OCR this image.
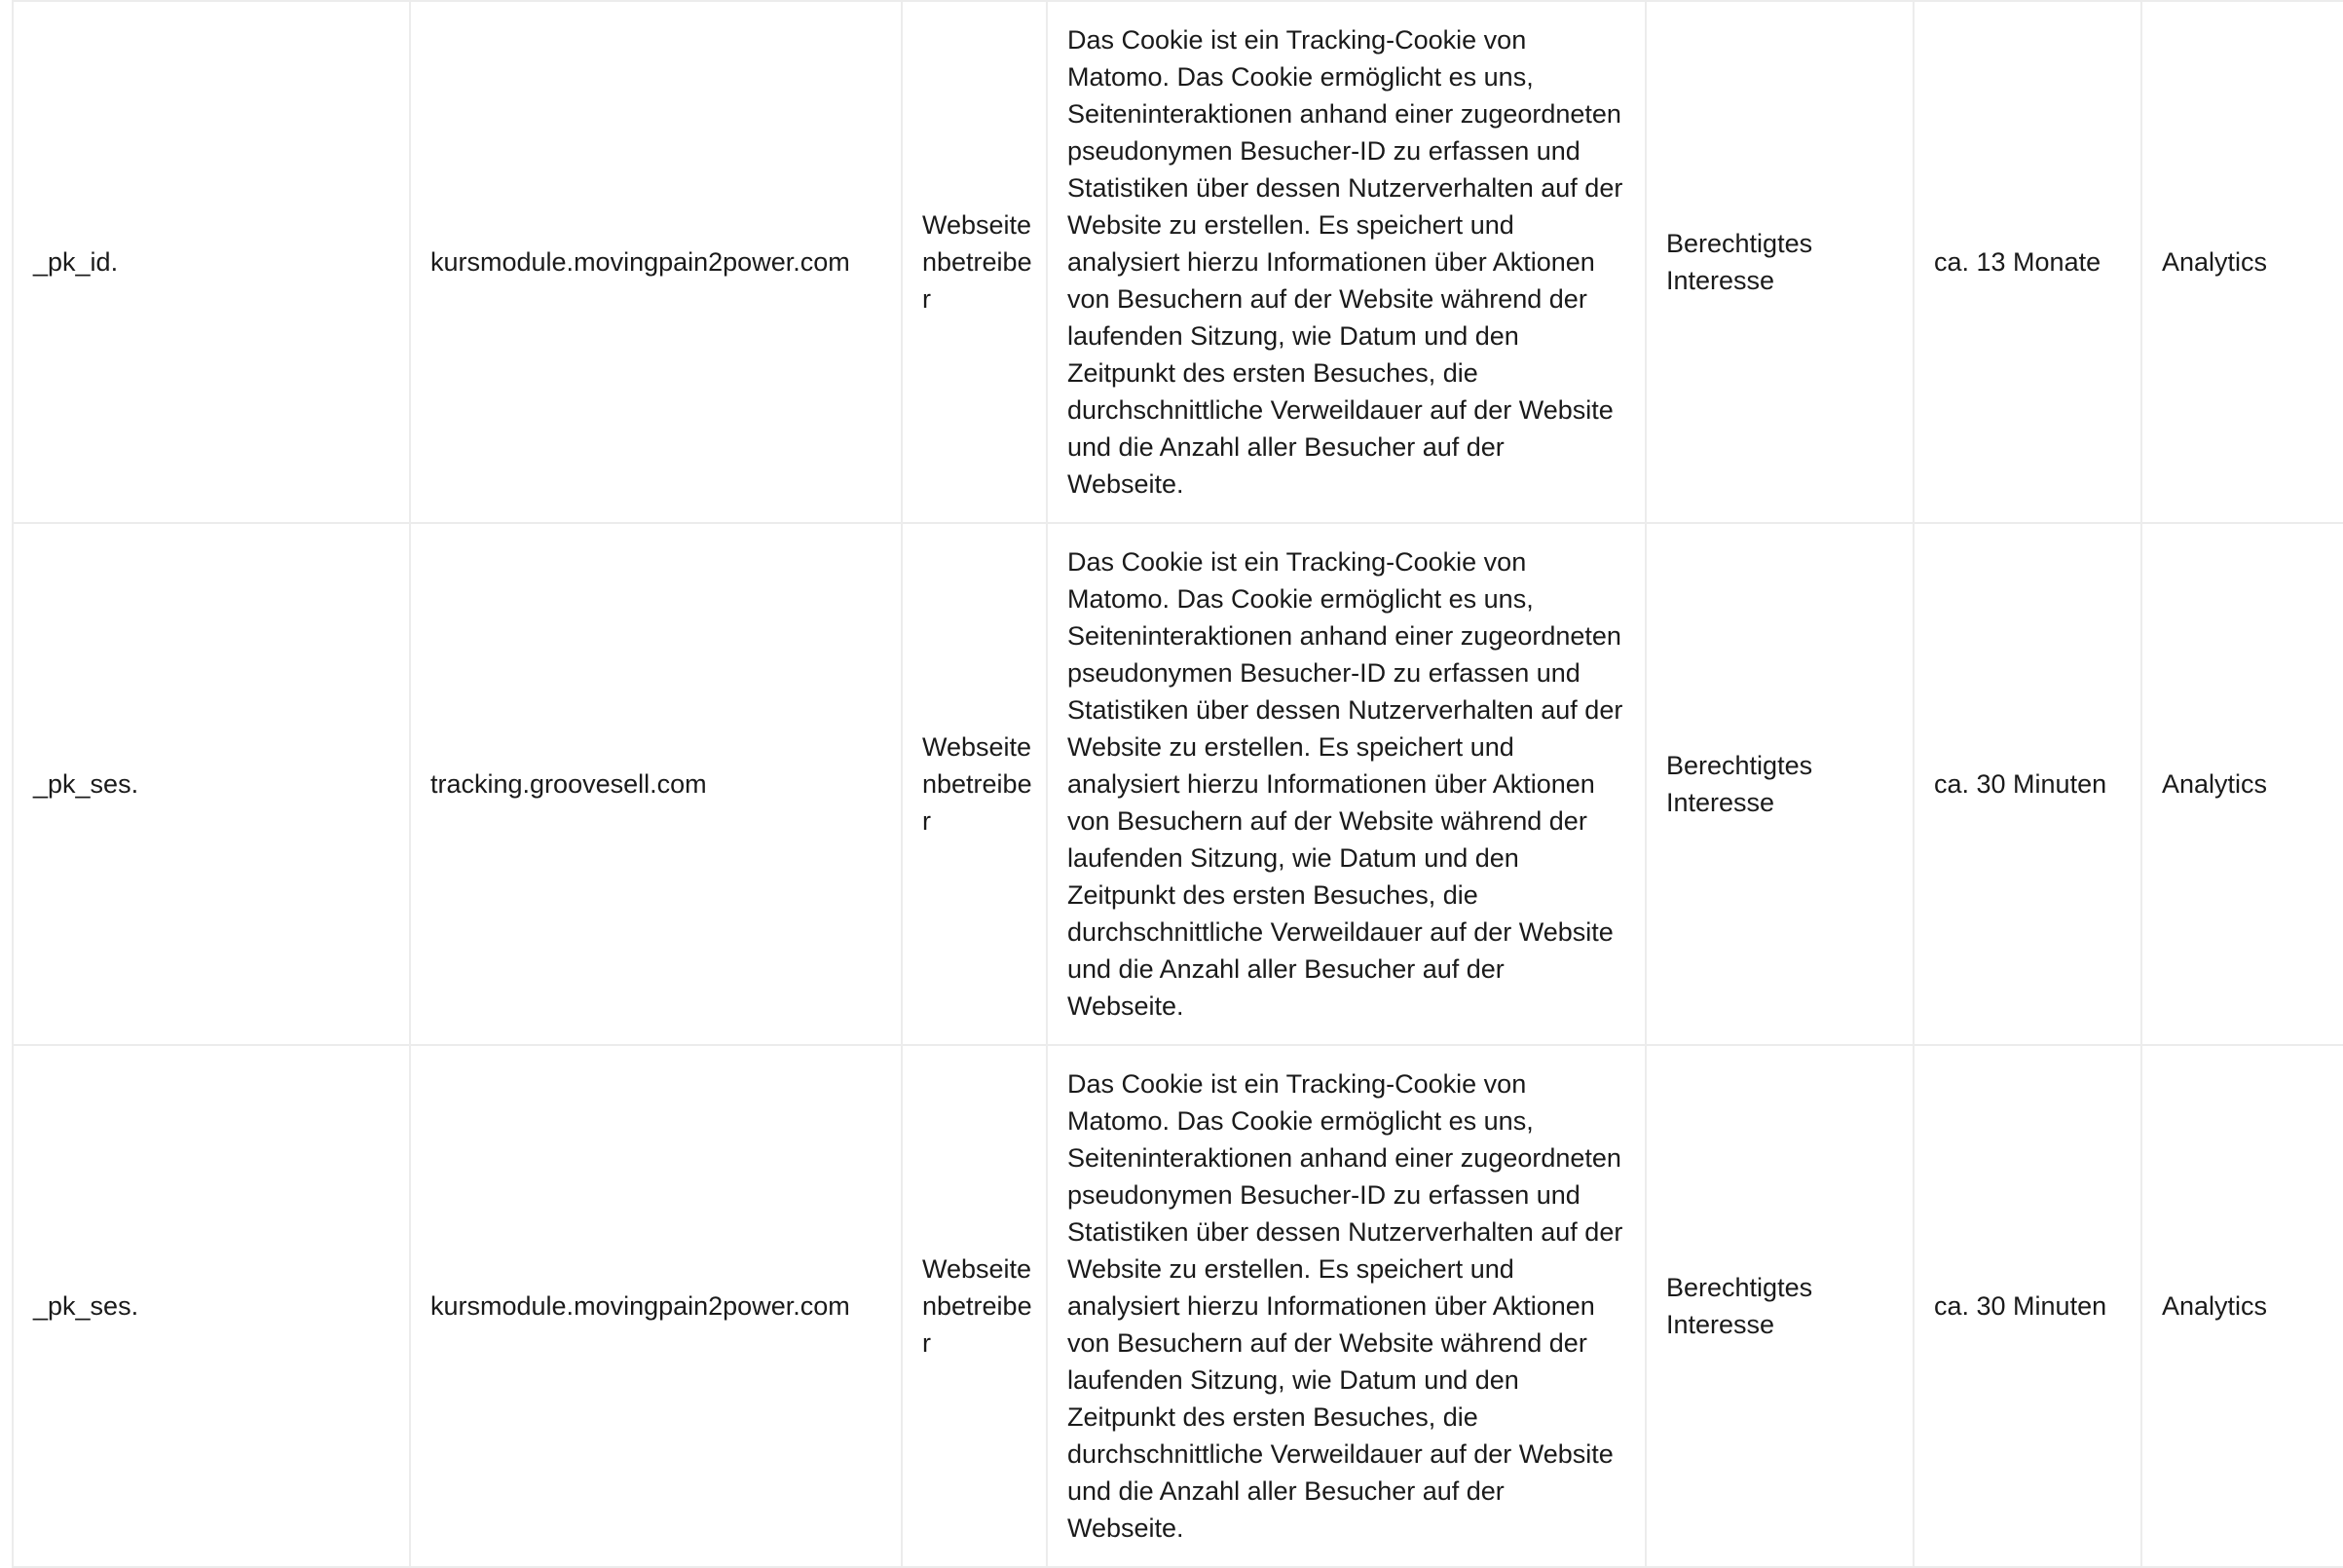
_pk_id.	kursmodule.movingpain2power.com	Webseitenbetreiber	Das Cookie ist ein Tracking-Cookie von Matomo. Das Cookie ermöglicht es uns, Seiteninteraktionen anhand einer zugeordneten pseudonymen Besucher-ID zu erfassen und Statistiken über dessen Nutzerverhalten auf der Website zu erstellen. Es speichert und analysiert hierzu Informationen über Aktionen von Besuchern auf der Website während der laufenden Sitzung, wie Datum und den Zeitpunkt des ersten Besuches, die durchschnittliche Verweildauer auf der Website und die Anzahl aller Besucher auf der Webseite.	Berechtigtes Interesse	ca. 13 Monate	Analytics
_pk_ses.	tracking.groovesell.com	Webseitenbetreiber	Das Cookie ist ein Tracking-Cookie von Matomo. Das Cookie ermöglicht es uns, Seiteninteraktionen anhand einer zugeordneten pseudonymen Besucher-ID zu erfassen und Statistiken über dessen Nutzerverhalten auf der Website zu erstellen. Es speichert und analysiert hierzu Informationen über Aktionen von Besuchern auf der Website während der laufenden Sitzung, wie Datum und den Zeitpunkt des ersten Besuches, die durchschnittliche Verweildauer auf der Website und die Anzahl aller Besucher auf der Webseite.	Berechtigtes Interesse	ca. 30 Minuten	Analytics
_pk_ses.	kursmodule.movingpain2power.com	Webseitenbetreiber	Das Cookie ist ein Tracking-Cookie von Matomo. Das Cookie ermöglicht es uns, Seiteninteraktionen anhand einer zugeordneten pseudonymen Besucher-ID zu erfassen und Statistiken über dessen Nutzerverhalten auf der Website zu erstellen. Es speichert und analysiert hierzu Informationen über Aktionen von Besuchern auf der Website während der laufenden Sitzung, wie Datum und den Zeitpunkt des ersten Besuches, die durchschnittliche Verweildauer auf der Website und die Anzahl aller Besucher auf der Webseite.	Berechtigtes Interesse	ca. 30 Minuten	Analytics
